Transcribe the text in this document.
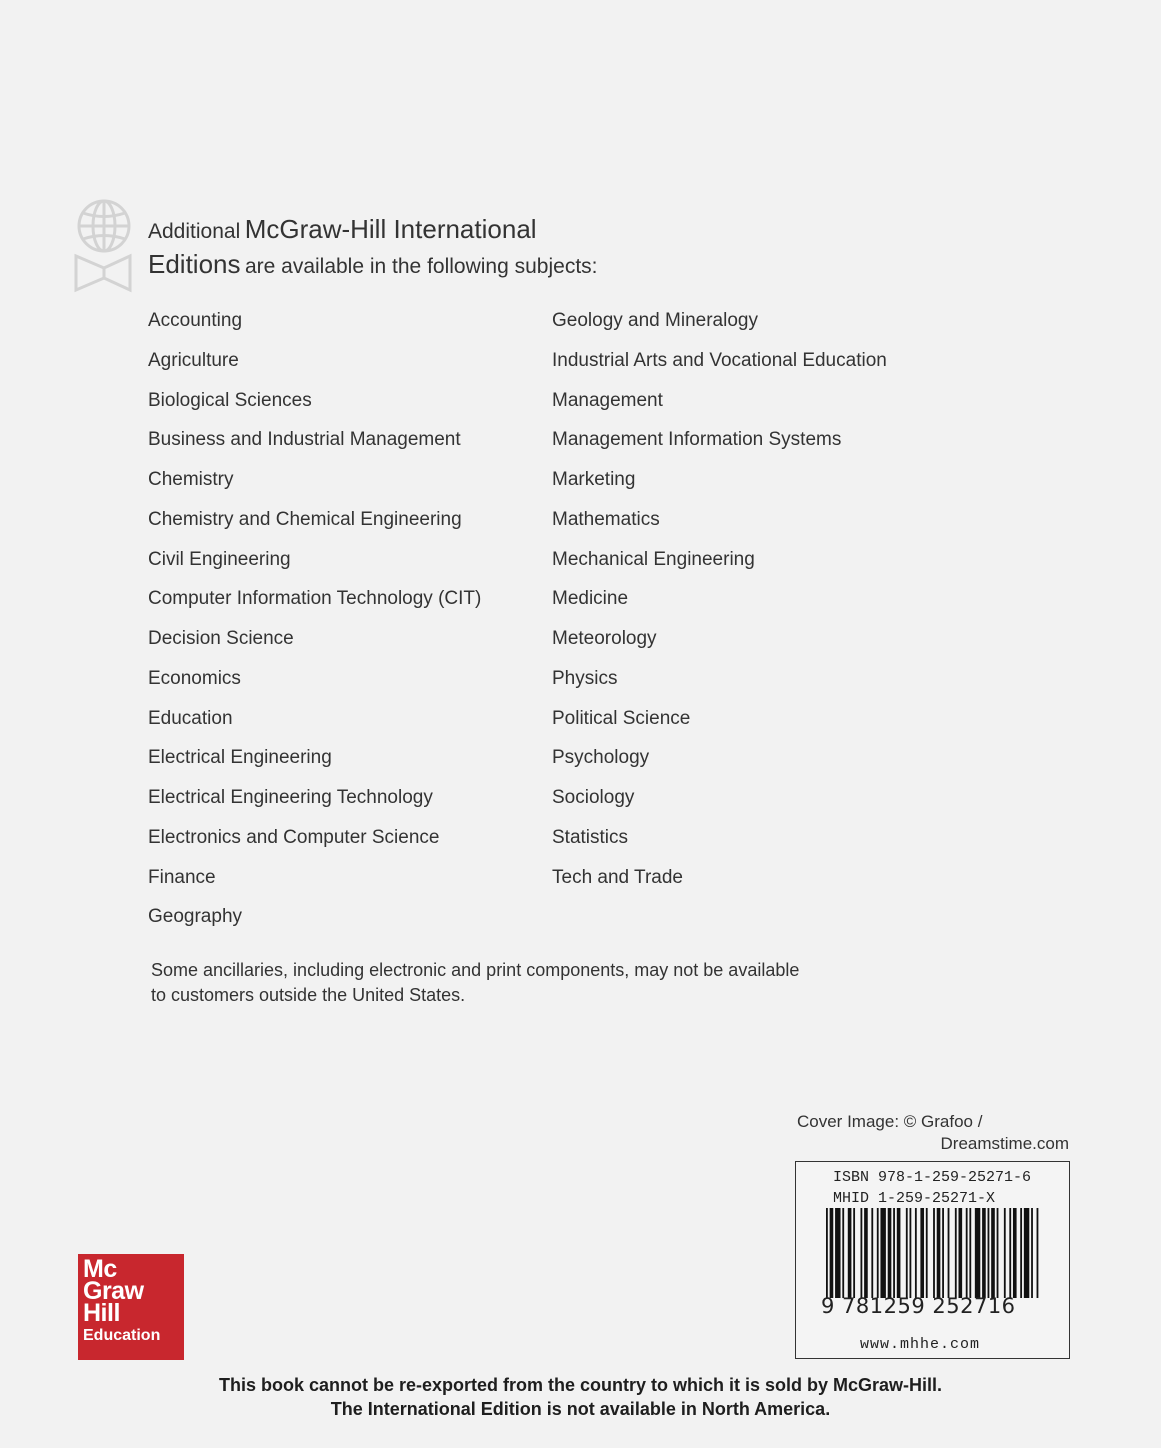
Additional McGraw-Hill International
Editions are available in the following subjects:
Accounting
Agriculture
Biological Sciences
Business and Industrial Management
Chemistry
Chemistry and Chemical Engineering
Civil Engineering
Computer Information Technology (CIT)
Decision Science
Economics
Education
Electrical Engineering
Electrical Engineering Technology
Electronics and Computer Science
Finance
Geography
Geology and Mineralogy
Industrial Arts and Vocational Education
Management
Management Information Systems
Marketing
Mathematics
Mechanical Engineering
Medicine
Meteorology
Physics
Political Science
Psychology
Sociology
Statistics
Tech and Trade
Some ancillaries, including electronic and print components, may not be available
to customers outside the United States.
Cover Image: © Grafoo /
Dreamstime.com
ISBN 978-1-259-25271-6
MHID 1-259-25271-X
9 781259 252716
www.mhhe.com
Mc
Graw
Hill
Education
This book cannot be re-exported from the country to which it is sold by McGraw-Hill.
The International Edition is not available in North America.
